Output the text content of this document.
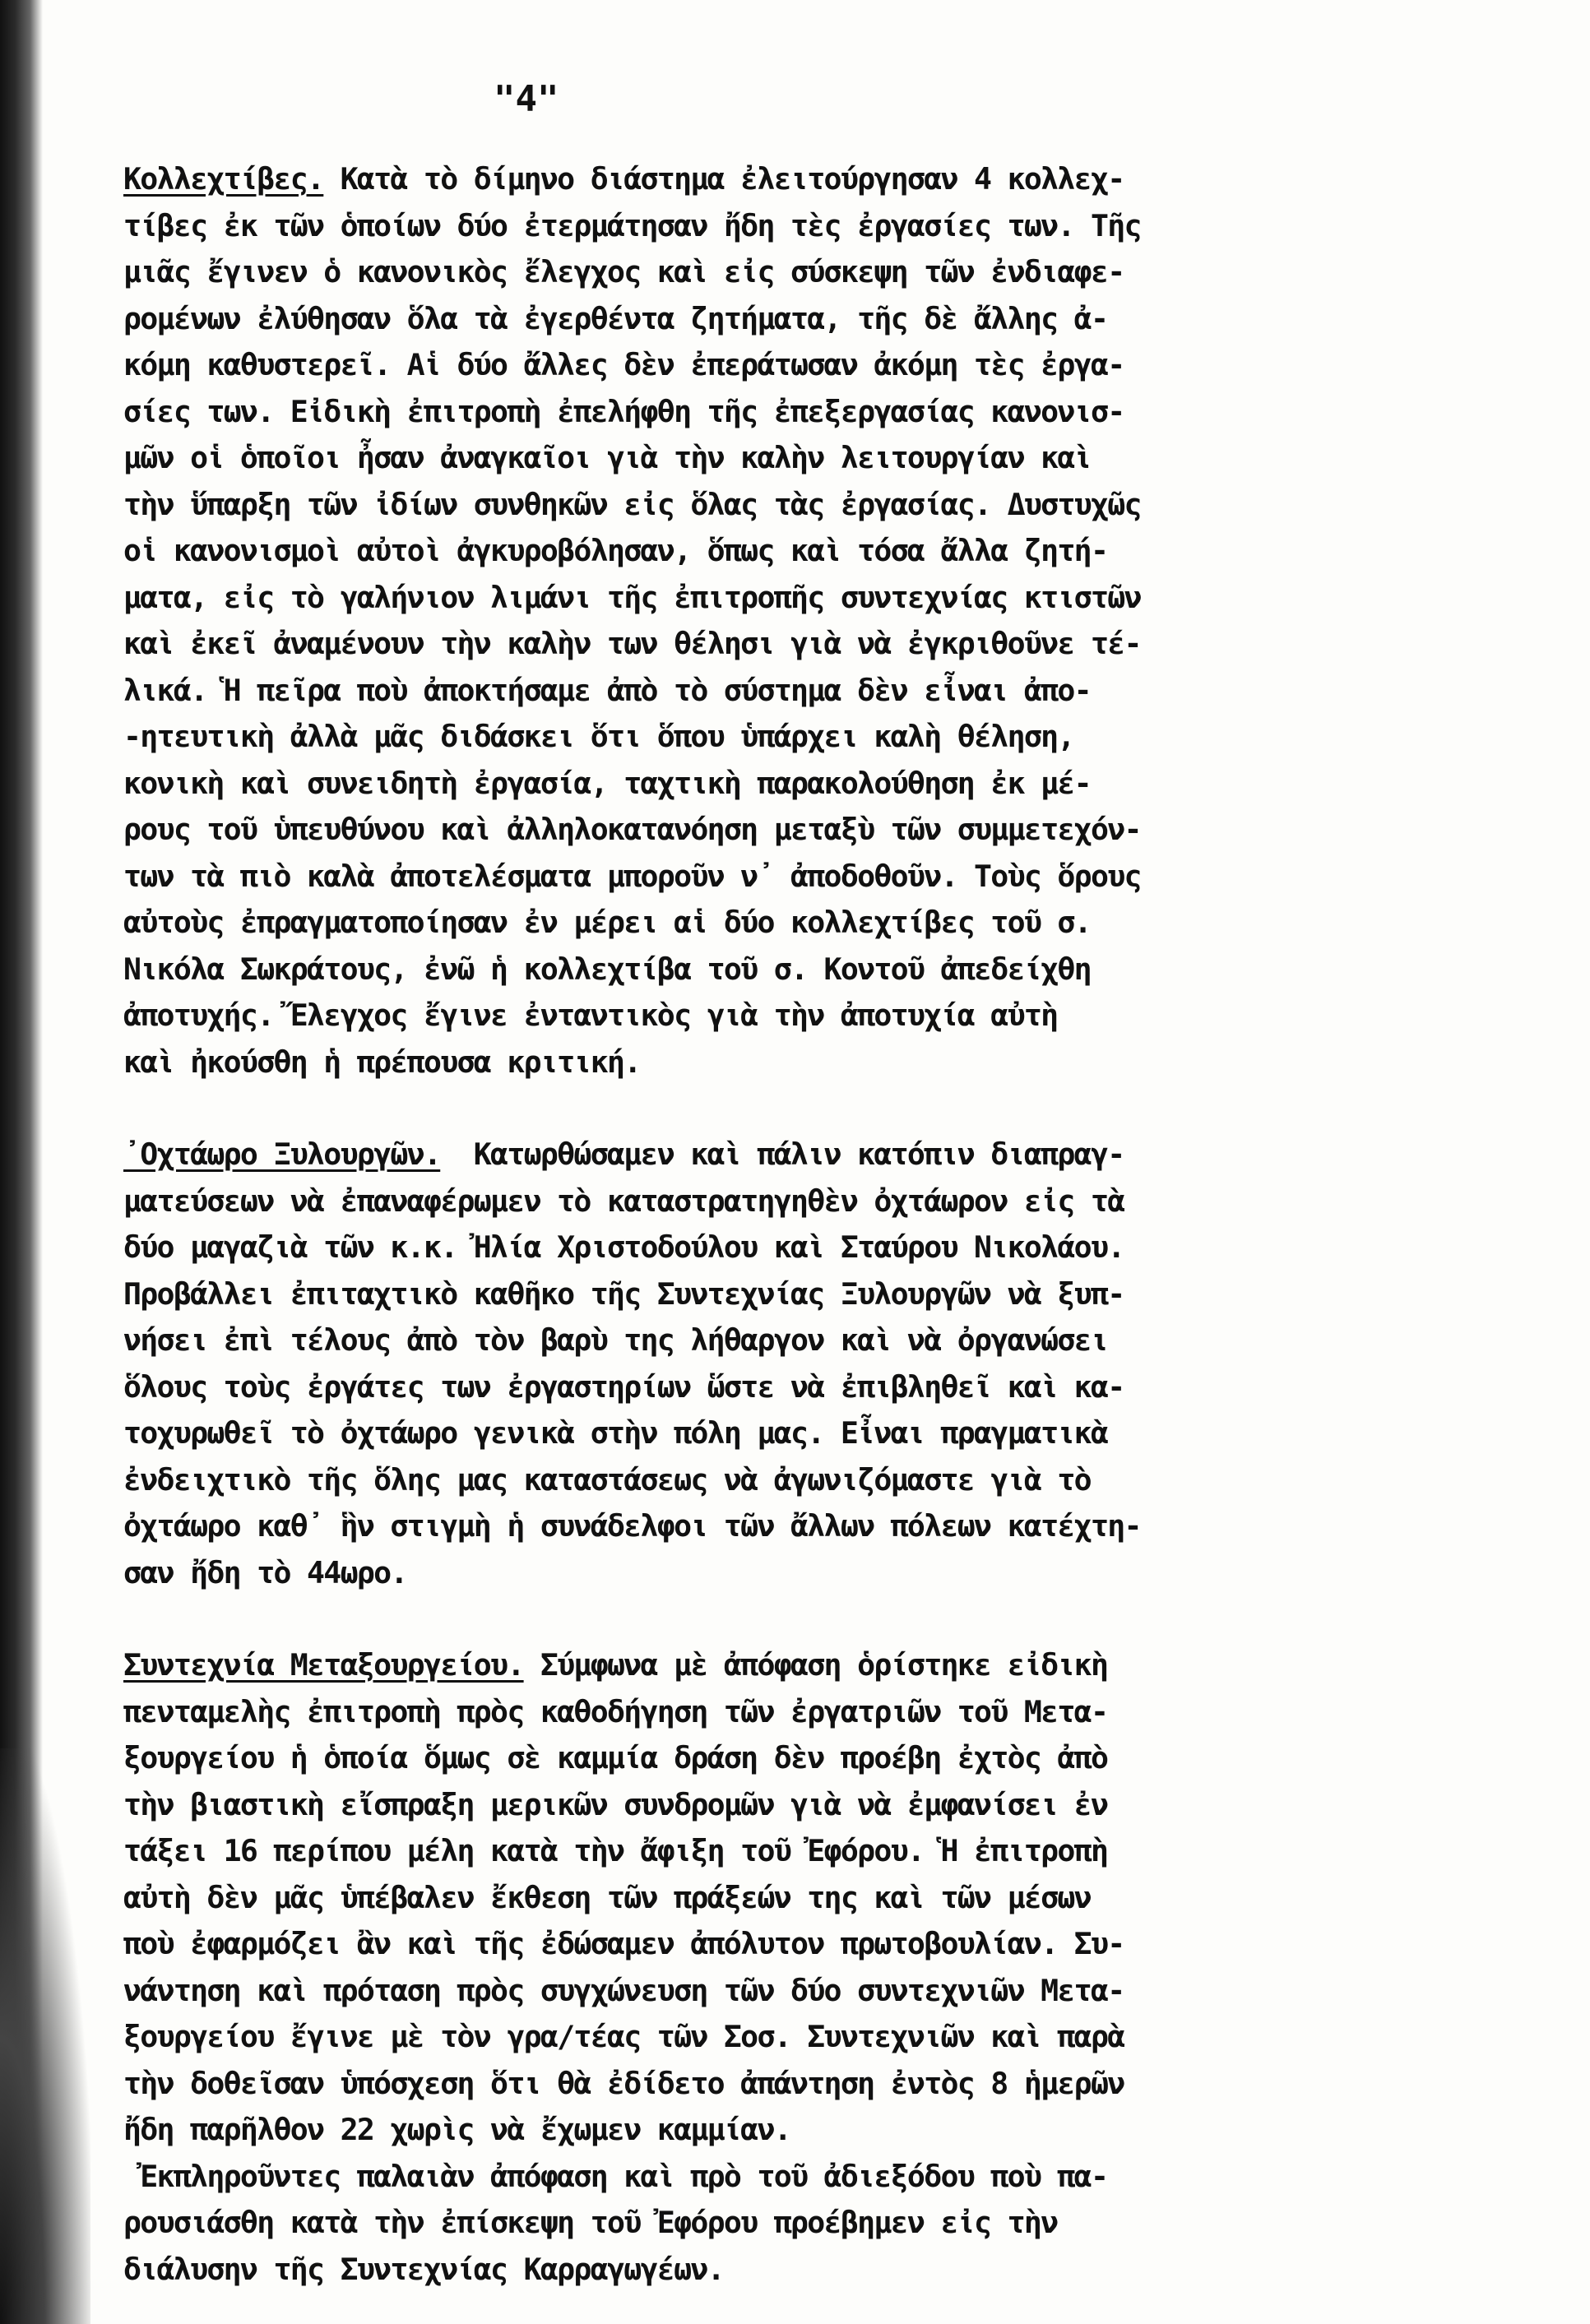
"4"
Κολλεχτίβες. Κατὰ τὸ δίμηνο διάστημα ἐλειτούργησαν 4 κολλεχ-
τίβες ἐκ τῶν ὁποίων δύο ἐτερμάτησαν ἤδη τὲς ἐργασίες των. Τῆς
μιᾶς ἔγινεν ὁ κανονικὸς ἔλεγχος καὶ εἰς σύσκεψη τῶν ἐνδιαφε-
ρομένων ἐλύθησαν ὅλα τὰ ἐγερθέντα ζητήματα, τῆς δὲ ἄλλης ἀ-
κόμη καθυστερεῖ. Αἱ δύο ἄλλες δὲν ἐπεράτωσαν ἀκόμη τὲς ἐργα-
σίες των. Εἰδικὴ ἐπιτροπὴ ἐπελήφθη τῆς ἐπεξεργασίας κανονισ-
μῶν οἱ ὁποῖοι ἦσαν ἀναγκαῖοι γιὰ τὴν καλὴν λειτουργίαν καὶ
τὴν ὕπαρξη τῶν ἰδίων συνθηκῶν εἰς ὅλας τὰς ἐργασίας. Δυστυχῶς
οἱ κανονισμοὶ αὐτοὶ ἀγκυροβόλησαν, ὅπως καὶ τόσα ἄλλα ζητή-
ματα, εἰς τὸ γαλήνιον λιμάνι τῆς ἐπιτροπῆς συντεχνίας κτιστῶν
καὶ ἐκεῖ ἀναμένουν τὴν καλὴν των θέλησι γιὰ νὰ ἐγκριθοῦνε τέ-
λικά. Ἡ πεῖρα ποὺ ἀποκτήσαμε ἀπὸ τὸ σύστημα δὲν εἶναι ἀπο-
-ητευτικὴ ἀλλὰ μᾶς διδάσκει ὅτι ὅπου ὑπάρχει καλὴ θέληση,
κονικὴ καὶ συνειδητὴ ἐργασία, ταχτικὴ παρακολούθηση ἐκ μέ-
ρους τοῦ ὑπευθύνου καὶ ἀλληλοκατανόηση μεταξὺ τῶν συμμετεχόν-
των τὰ πιὸ καλὰ ἀποτελέσματα μποροῦν ν᾽ ἀποδοθοῦν. Τοὺς ὅρους
αὐτοὺς ἐπραγματοποίησαν ἐν μέρει αἱ δύο κολλεχτίβες τοῦ σ.
Νικόλα Σωκράτους, ἐνῶ ἡ κολλεχτίβα τοῦ σ. Κοντοῦ ἀπεδείχθη
ἀποτυχής. Ἔλεγχος ἔγινε ἐνταντικὸς γιὰ τὴν ἀποτυχία αὐτὴ
καὶ ἠκούσθη ἡ πρέπουσα κριτική.
᾽Οχτάωρο Ξυλουργῶν.  Κατωρθώσαμεν καὶ πάλιν κατόπιν διαπραγ-
ματεύσεων νὰ ἐπαναφέρωμεν τὸ καταστρατηγηθὲν ὀχτάωρον εἰς τὰ
δύο μαγαζιὰ τῶν κ.κ. Ἠλία Χριστοδούλου καὶ Σταύρου Νικολάου.
Προβάλλει ἐπιταχτικὸ καθῆκο τῆς Συντεχνίας Ξυλουργῶν νὰ ξυπ-
νήσει ἐπὶ τέλους ἀπὸ τὸν βαρὺ της λήθαργον καὶ νὰ ὀργανώσει
ὅλους τοὺς ἐργάτες των ἐργαστηρίων ὥστε νὰ ἐπιβληθεῖ καὶ κα-
τοχυρωθεῖ τὸ ὀχτάωρο γενικὰ στὴν πόλη μας. Εἶναι πραγματικὰ
ἐνδειχτικὸ τῆς ὅλης μας καταστάσεως νὰ ἀγωνιζόμαστε γιὰ τὸ
ὀχτάωρο καθ᾽ ἣν στιγμὴ ἡ συνάδελφοι τῶν ἄλλων πόλεων κατέχτη-
σαν ἤδη τὸ 44ωρο.
Συντεχνία Μεταξουργείου. Σύμφωνα μὲ ἀπόφαση ὁρίστηκε εἰδικὴ
πενταμελὴς ἐπιτροπὴ πρὸς καθοδήγηση τῶν ἐργατριῶν τοῦ Μετα-
ξουργείου ἡ ὁποία ὅμως σὲ καμμία δράση δὲν προέβη ἐχτὸς ἀπὸ
τὴν βιαστικὴ εἴσπραξη μερικῶν συνδρομῶν γιὰ νὰ ἐμφανίσει ἐν
τάξει 16 περίπου μέλη κατὰ τὴν ἄφιξη τοῦ Ἐφόρου. Ἡ ἐπιτροπὴ
αὐτὴ δὲν μᾶς ὑπέβαλεν ἔκθεση τῶν πράξεών της καὶ τῶν μέσων
ποὺ ἐφαρμόζει ἂν καὶ τῆς ἐδώσαμεν ἀπόλυτον πρωτοβουλίαν. Συ-
νάντηση καὶ πρόταση πρὸς συγχώνευση τῶν δύο συντεχνιῶν Μετα-
ξουργείου ἔγινε μὲ τὸν γρα/τέας τῶν Σοσ. Συντεχνιῶν καὶ παρὰ
τὴν δοθεῖσαν ὑπόσχεση ὅτι θὰ ἐδίδετο ἀπάντηση ἐντὸς 8 ἡμερῶν
ἤδη παρῆλθον 22 χωρὶς νὰ ἔχωμεν καμμίαν.
Ἐκπληροῦντες παλαιὰν ἀπόφαση καὶ πρὸ τοῦ ἀδιεξόδου ποὺ πα-
ρουσιάσθη κατὰ τὴν ἐπίσκεψη τοῦ Ἐφόρου προέβημεν εἰς τὴν
διάλυσην τῆς Συντεχνίας Καρραγωγέων.
